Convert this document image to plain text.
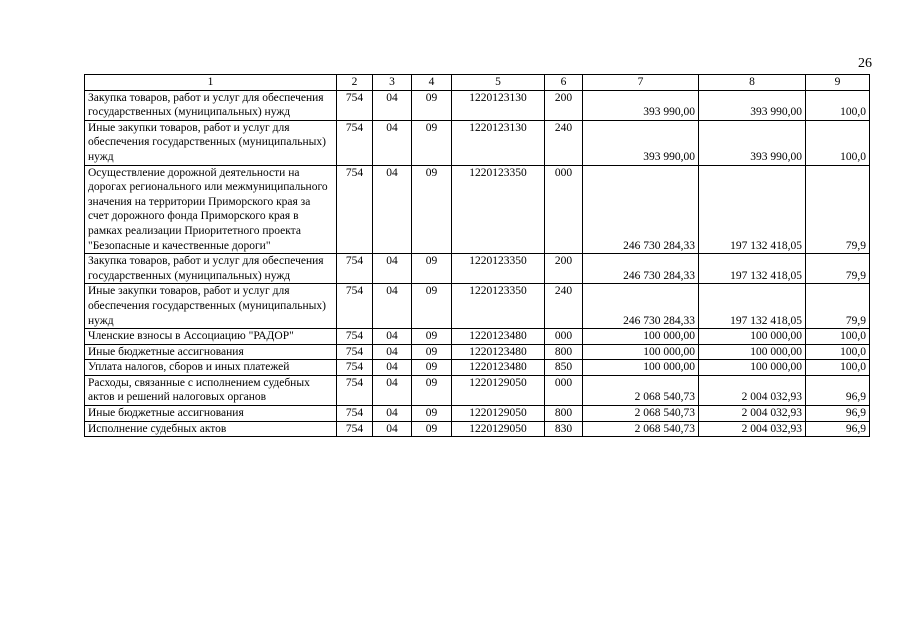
26
1	2	3	4	5	6	7	8	9
Закупка товаров, работ и услуг для обеспечения государственных (муниципальных) нужд	754	04	09	1220123130	200	393 990,00	393 990,00	100,0
Иные закупки товаров, работ и услуг для обеспечения государственных (муниципальных) нужд	754	04	09	1220123130	240	393 990,00	393 990,00	100,0
Осуществление дорожной деятельности на дорогах регионального или межмуниципального значения на территории Приморского края за счет дорожного фонда Приморского края в рамках реализации Приоритетного проекта "Безопасные и качественные дороги"	754	04	09	1220123350	000	246 730 284,33	197 132 418,05	79,9
Закупка товаров, работ и услуг для обеспечения государственных (муниципальных) нужд	754	04	09	1220123350	200	246 730 284,33	197 132 418,05	79,9
Иные закупки товаров, работ и услуг для обеспечения государственных (муниципальных) нужд	754	04	09	1220123350	240	246 730 284,33	197 132 418,05	79,9
Членские взносы в Ассоциацию "РАДОР"	754	04	09	1220123480	000	100 000,00	100 000,00	100,0
Иные бюджетные ассигнования	754	04	09	1220123480	800	100 000,00	100 000,00	100,0
Уплата налогов, сборов и иных платежей	754	04	09	1220123480	850	100 000,00	100 000,00	100,0
Расходы, связанные с исполнением судебных актов и решений налоговых органов	754	04	09	1220129050	000	2 068 540,73	2 004 032,93	96,9
Иные бюджетные ассигнования	754	04	09	1220129050	800	2 068 540,73	2 004 032,93	96,9
Исполнение судебных актов	754	04	09	1220129050	830	2 068 540,73	2 004 032,93	96,9
